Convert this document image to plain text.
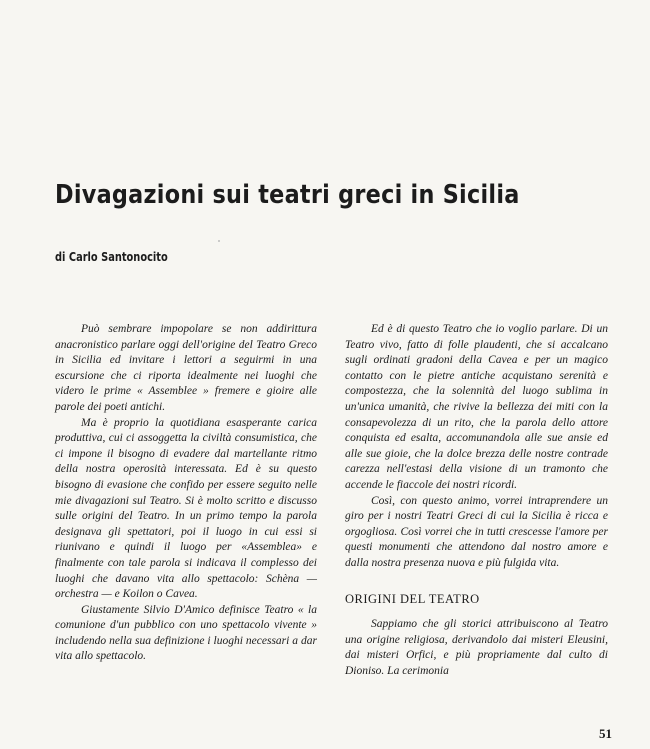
Divagazioni sui teatri greci in Sicilia
di Carlo Santonocito

Può sembrare impopolare se non addirittura anacronistico parlare oggi dell'origine del Teatro Greco in Sicilia ed invitare i lettori a seguirmi in una escursione che ci riporta idealmente nei luoghi che videro le prime « Assemblee » fremere e gioire alle parole dei poeti antichi.

Ma è proprio la quotidiana esasperante carica produttiva, cui ci assoggetta la civiltà consumistica, che ci impone il bisogno di evadere dal martellante ritmo della nostra operosità interessata. Ed è su questo bisogno di evasione che confido per essere seguito nelle mie divagazioni sul Teatro. Si è molto scritto e discusso sulle origini del Teatro. In un primo tempo la parola designava gli spettatori, poi il luogo in cui essi si riunivano e quindi il luogo per «Assemblea» e finalmente con tale parola si indicava il complesso dei luoghi che davano vita allo spettacolo: Schèna — orchestra — e Koilon o Cavea.

Giustamente Silvio D'Amico definisce Teatro « la comunione d'un pubblico con uno spettacolo vivente » includendo nella sua definizione i luoghi necessari a dar vita allo spettacolo.

Ed è di questo Teatro che io voglio parlare. Di un Teatro vivo, fatto di folle plaudenti, che si accalcano sugli ordinati gradoni della Cavea e per un magico contatto con le pietre antiche acquistano serenità e compostezza, che la solennità del luogo sublima in un'unica umanità, che rivive la bellezza dei miti con la consapevolezza di un rito, che la parola dello attore conquista ed esalta, accomunandola alle sue ansie ed alle sue gioie, che la dolce brezza delle nostre contrade carezza nell'estasi della visione di un tramonto che accende le fiaccole dei nostri ricordi.

Così, con questo animo, vorrei intraprendere un giro per i nostri Teatri Greci di cui la Sicilia è ricca e orgogliosa. Così vorrei che in tutti crescesse l'amore per questi monumenti che attendono dal nostro amore e dalla nostra presenza nuova e più fulgida vita.

ORIGINI DEL TEATRO

Sappiamo che gli storici attribuiscono al Teatro una origine religiosa, derivandolo dai misteri Eleusini, dai misteri Orfici, e più propriamente dal culto di Dioniso. La cerimonia

51
